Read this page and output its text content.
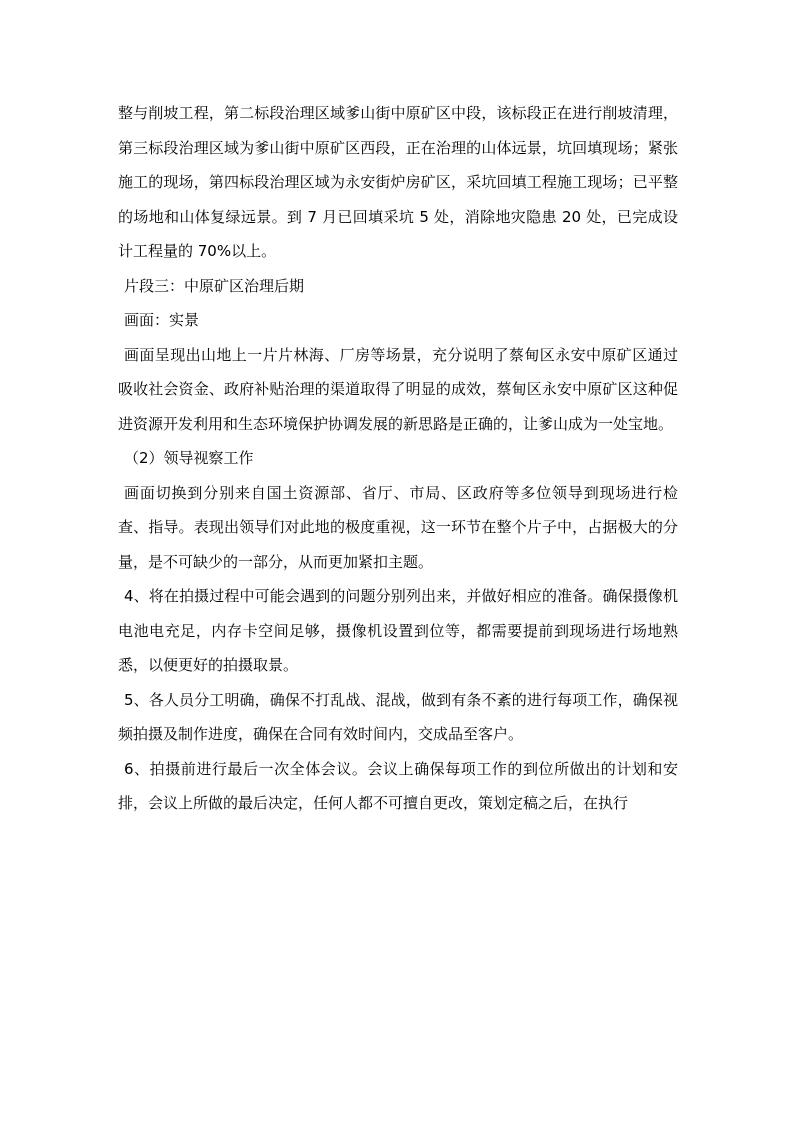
整与削坡工程，第二标段治理区域爹山街中原矿区中段，该标段正在进行削坡清理，第三标段治理区域为爹山街中原矿区西段，正在治理的山体远景，坑回填现场；紧张施工的现场，第四标段治理区域为永安街炉房矿区，采坑回填工程施工现场；已平整的场地和山体复绿远景。到 7 月已回填采坑 5 处，消除地灾隐患 20 处，已完成设计工程量的 70%以上。

片段三：中原矿区治理后期

画面：实景

画面呈现出山地上一片片林海、厂房等场景，充分说明了蔡甸区永安中原矿区通过吸收社会资金、政府补贴治理的渠道取得了明显的成效，蔡甸区永安中原矿区这种促进资源开发利用和生态环境保护协调发展的新思路是正确的，让爹山成为一处宝地。

（2）领导视察工作

画面切换到分别来自国土资源部、省厅、市局、区政府等多位领导到现场进行检查、指导。表现出领导们对此地的极度重视，这一环节在整个片子中，占据极大的分量，是不可缺少的一部分，从而更加紧扣主题。

4、将在拍摄过程中可能会遇到的问题分别列出来，并做好相应的准备。确保摄像机电池电充足，内存卡空间足够，摄像机设置到位等，都需要提前到现场进行场地熟悉，以便更好的拍摄取景。

5、各人员分工明确，确保不打乱战、混战，做到有条不紊的进行每项工作，确保视频拍摄及制作进度，确保在合同有效时间内，交成品至客户。

6、拍摄前进行最后一次全体会议。会议上确保每项工作的到位所做出的计划和安排，会议上所做的最后决定，任何人都不可擅自更改，策划定稿之后，在执行
